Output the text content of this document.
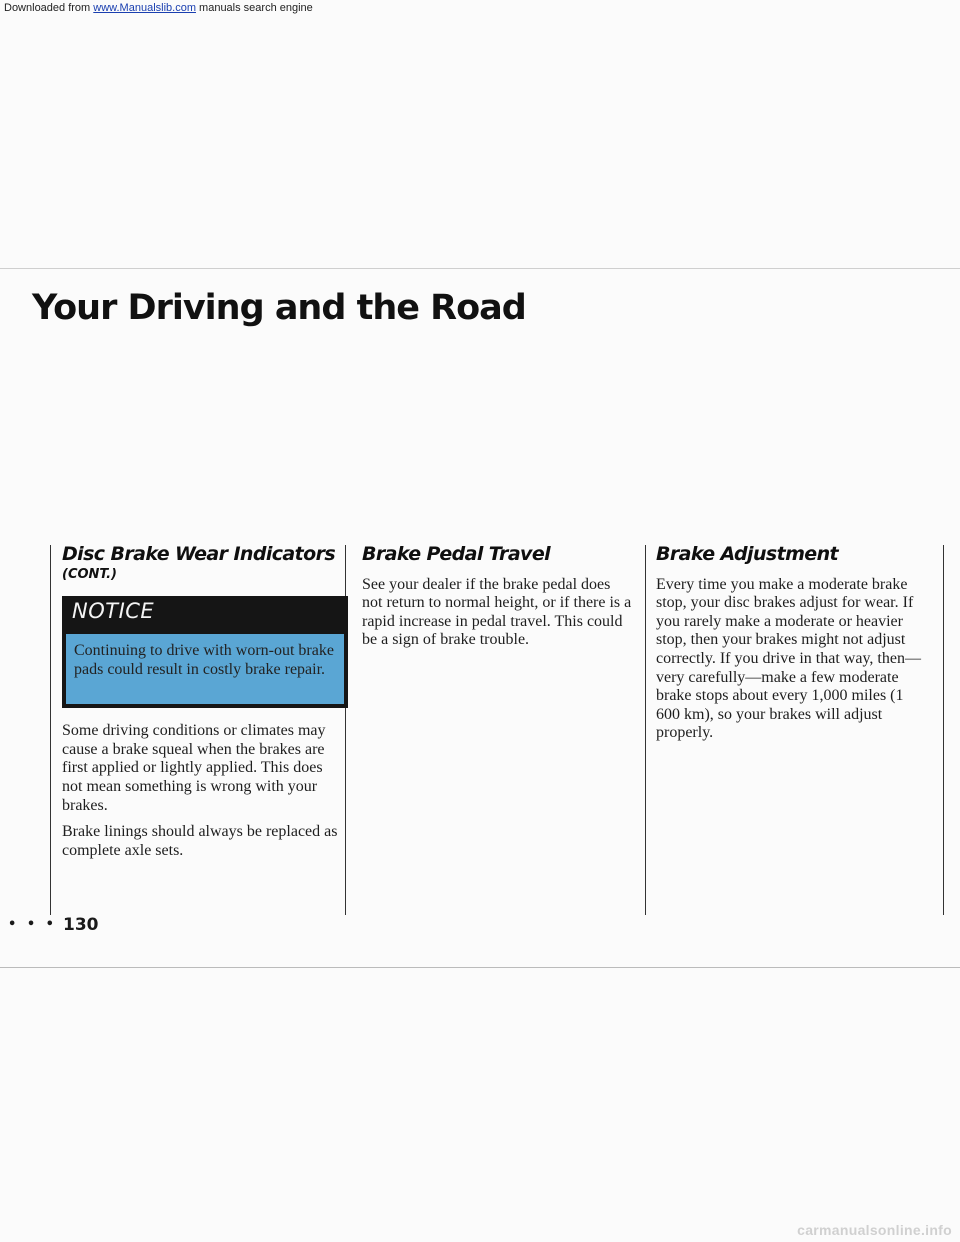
Downloaded from www.Manualslib.com manuals search engine
Your Driving and the Road
Disc Brake Wear Indicators
(CONT.)
NOTICE
Continuing to drive with worn-out brake pads could result in costly brake repair.

Some driving conditions or climates may cause a brake squeal when the brakes are first applied or lightly applied. This does not mean something is wrong with your brakes.

Brake linings should always be replaced as complete axle sets.

Brake Pedal Travel

See your dealer if the brake pedal does not return to normal height, or if there is a rapid increase in pedal travel. This could be a sign of brake trouble.

Brake Adjustment

Every time you make a moderate brake stop, your disc brakes adjust for wear. If you rarely make a moderate or heavier stop, then your brakes might not adjust correctly. If you drive in that way, then—very carefully—make a few moderate brake stops about every 1,000 miles (1 600 km), so your brakes will adjust properly.

• • • 130
carmanualsonline.info
